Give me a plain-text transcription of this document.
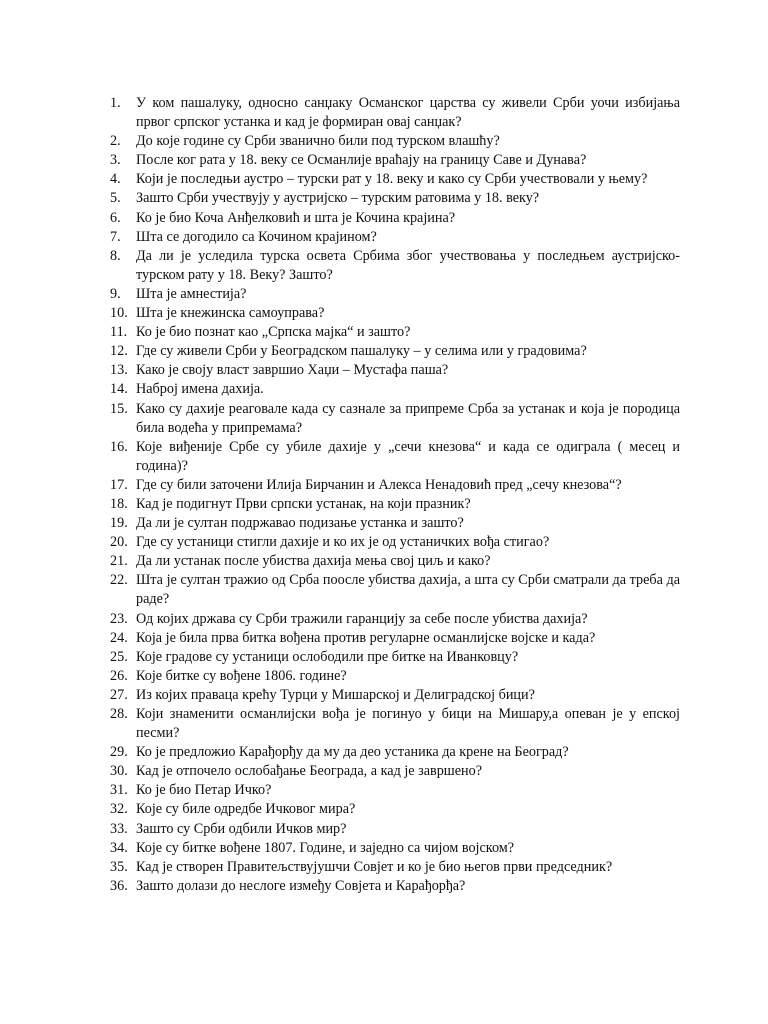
1.	У ком пашалуку, односно санџаку Османског царства су живели Срби уочи избијања првог српског устанка и кад је формиран овај санџак?
2.	До које године су Срби званично били под турском влашћу?
3.	После ког рата у 18. веку се Османлије враћају на границу Саве и Дунава?
4.	Који је последњи аустро – турски рат у 18. веку и како су Срби учествовали у њему?
5.	Зашто Срби учествују у аустријско – турским ратовима у 18. веку?
6.	Ко је био Коча Анђелковић и шта је Кочина крајина?
7.	Шта се догодило са Кочином крајином?
8.	Да ли је уследила турска освета Србима због учествовања у последњем аустријско-турском рату у 18. Веку? Зашто?
9.	Шта је амнестија?
10. Шта је кнежинска самоуправа?
11. Ко је био познат као „Српска мајка“ и зашто?
12. Где су живели Срби у Београдском пашалуку – у селима или у градовима?
13. Како је своју власт завршио Хаџи – Мустафа паша?
14. Наброј имена дахија.
15. Како су дахије реаговале када су сазнале за припреме Срба за устанак и која је породица била водећа у припремама?
16. Које виђеније Србе су убиле дахије у „сечи кнезова“ и када се одиграла ( месец и година)?
17. Где су били заточени Илија Бирчанин и Алекса Ненадовић пред „сечу кнезова“?
18. Кад је подигнут Први српски устанак, на који празник?
19. Да ли је султан подржавао подизање устанка и зашто?
20. Где су устаници стигли дахије и ко их је од устаничких вођа стигао?
21. Да ли устанак после убиства дахија мења свој циљ и како?
22. Шта је султан тражио од Срба поосле убиства дахија, а шта су Срби сматрали да треба да раде?
23. Од којих држава су Срби тражили гаранцију за себе после убиства дахија?
24. Која је била прва битка вођена против регуларне османлијске војске и када?
25. Које градове су устаници ослободили пре битке на Иванковцу?
26. Које битке су вођене 1806. године?
27. Из којих праваца крећу Турци у Мишарској и Делиградској бици?
28. Који знаменити османлијски вођа је погинуо у бици на Мишару,а опеван је у епској песми?
29. Ко је предложио Карађорђу да му да део устаника да крене на Београд?
30. Кад је отпочело ослобађање Београда, а кад је завршено?
31. Ко је био Петар Ичко?
32. Које су биле одредбе Ичковог мира?
33. Зашто су Срби одбили Ичков мир?
34. Које су битке вођене 1807. Године, и заједно са чијом војском?
35. Кад је створен Правитељствујушчи Совјет и ко је био његов први председник?
36. Зашто долази до неслоге између Совјета и Карађорђа?
